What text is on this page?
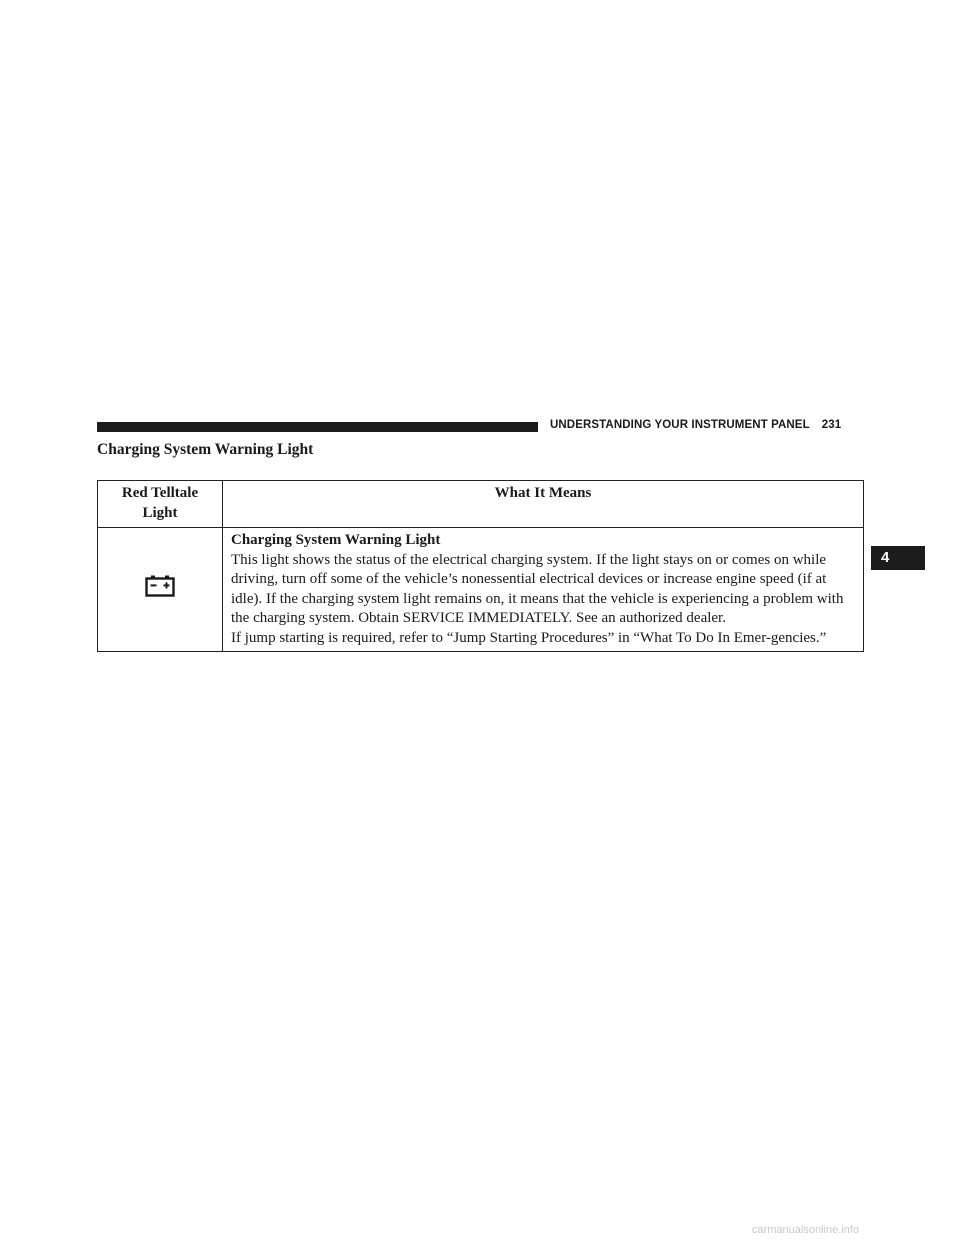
UNDERSTANDING YOUR INSTRUMENT PANEL 231
Charging System Warning Light
Red Telltale Light	What It Means

Charging System Warning Light
This light shows the status of the electrical charging system. If the light stays on or comes on while driving, turn off some of the vehicle’s nonessential electrical devices or increase engine speed (if at idle). If the charging system light remains on, it means that the vehicle is experiencing a problem with the charging system. Obtain SERVICE IMMEDIATELY. See an authorized dealer.
If jump starting is required, refer to “Jump Starting Procedures” in “What To Do In Emer-gencies.”
4
carmanualsonline.info
